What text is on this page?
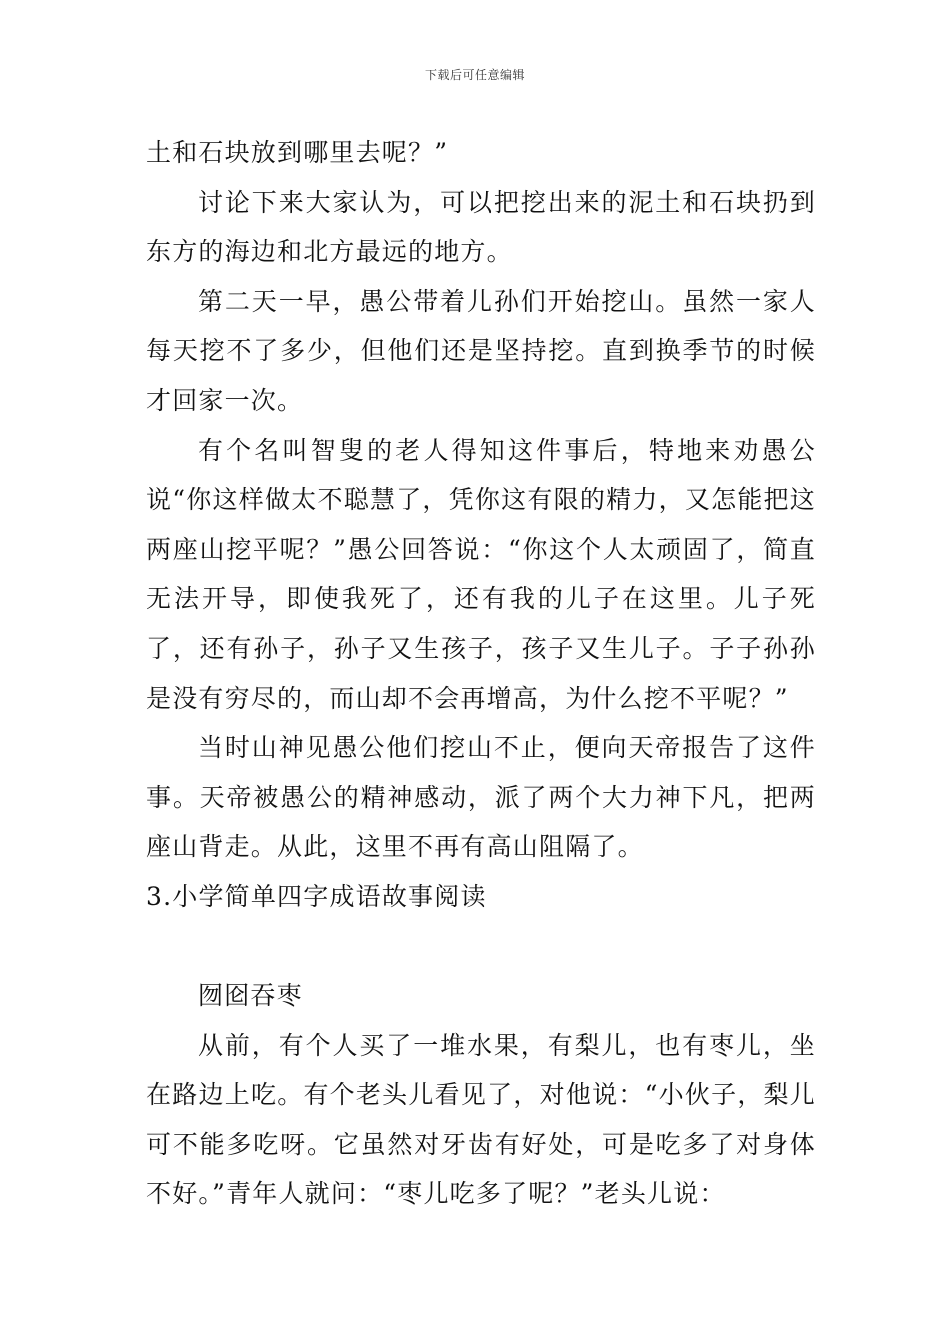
下载后可任意编辑

土和石块放到哪里去呢？”

讨论下来大家认为，可以把挖出来的泥土和石块扔到东方的海边和北方最远的地方。

第二天一早，愚公带着儿孙们开始挖山。虽然一家人每天挖不了多少，但他们还是坚持挖。直到换季节的时候才回家一次。

有个名叫智叟的老人得知这件事后，特地来劝愚公说“你这样做太不聪慧了，凭你这有限的精力，又怎能把这两座山挖平呢？”愚公回答说：“你这个人太顽固了，简直无法开导，即使我死了，还有我的儿子在这里。儿子死了，还有孙子，孙子又生孩子，孩子又生儿子。子子孙孙是没有穷尽的，而山却不会再增高，为什么挖不平呢？”

当时山神见愚公他们挖山不止，便向天帝报告了这件事。天帝被愚公的精神感动，派了两个大力神下凡，把两座山背走。从此，这里不再有高山阻隔了。

3.小学简单四字成语故事阅读

囫囵吞枣

从前，有个人买了一堆水果，有梨儿，也有枣儿，坐在路边上吃。有个老头儿看见了，对他说：“小伙子，梨儿可不能多吃呀。它虽然对牙齿有好处，可是吃多了对身体不好。”青年人就问：“枣儿吃多了呢？”老头儿说：
